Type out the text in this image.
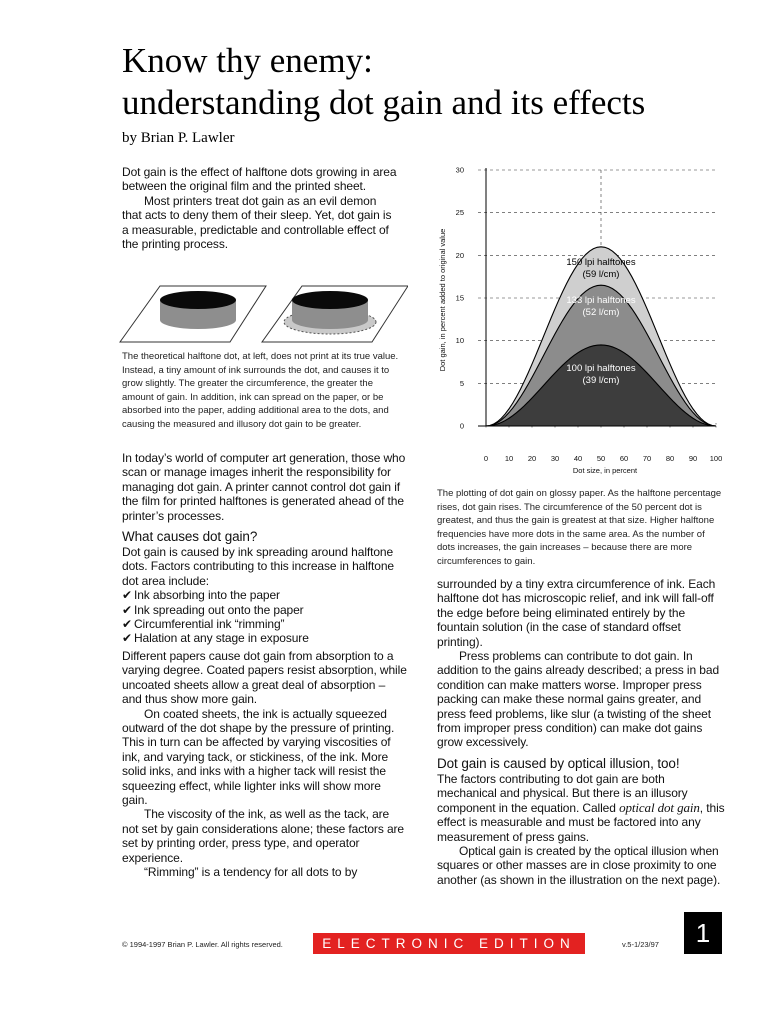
Know thy enemy:
understanding dot gain and its effects
by Brian P. Lawler

Dot gain is the effect of halftone dots growing in area between the original film and the printed sheet.

Most printers treat dot gain as an evil demon that acts to deny them of their sleep. Yet, dot gain is a measurable, predictable and controllable effect of the printing process.

The theoretical halftone dot, at left, does not print at its true value. Instead, a tiny amount of ink surrounds the dot, and causes it to grow slightly. The greater the circumference, the greater the amount of gain. In addition, ink can spread on the paper, or be absorbed into the paper, adding additional area to the dots, and causing the measured and illusory dot gain to be greater.

In today’s world of computer art generation, those who scan or manage images inherit the responsibility for managing dot gain. A printer cannot control dot gain if the film for printed halftones is generated ahead of the printer’s processes.

What causes dot gain?

Dot gain is caused by ink spreading around halftone dots. Factors contributing to this increase in halftone dot area include:

✔ Ink absorbing into the paper
✔ Ink spreading out onto the paper
✔ Circumferential ink “rimming”
✔ Halation at any stage in exposure

Different papers cause dot gain from absorption to a varying degree. Coated papers resist absorption, while uncoated sheets allow a great deal of absorption – and thus show more gain.

On coated sheets, the ink is actually squeezed outward of the dot shape by the pressure of printing. This in turn can be affected by varying viscosities of ink, and varying tack, or stickiness, of the ink. More solid inks, and inks with a higher tack will resist the squeezing effect, while lighter inks will show more gain.

The viscosity of the ink, as well as the tack, are not set by gain considerations alone; these factors are set by printing order, press type, and operator experience.

“Rimming” is a tendency for all dots to by

0
5
10
15
20
25
30
0 10 20 30 40 50 60 70 80 90 100
150 lpi halftones
(59 l/cm)
133 lpi halftones
(52 l/cm)
100 lpi halftones
(39 l/cm)
Dot size, in percent
Dot gain, in percent added to original value
The plotting of dot gain on glossy paper. As the halftone percentage rises, dot gain rises. The circumference of the 50 percent dot is greatest, and thus the gain is greatest at that size. Higher halftone frequencies have more dots in the same area. As the number of dots increases, the gain increases – because there are more circumferences to gain.

surrounded by a tiny extra circumference of ink. Each halftone dot has microscopic relief, and ink will fall-off the edge before being eliminated entirely by the fountain solution (in the case of standard offset printing).

Press problems can contribute to dot gain. In addition to the gains already described; a press in bad condition can make matters worse. Improper press packing can make these normal gains greater, and press feed problems, like slur (a twisting of the sheet from improper press condition) can make dot gains grow excessively.

Dot gain is caused by optical illusion, too!

The factors contributing to dot gain are both mechanical and physical. But there is an illusory component in the equation. Called optical dot gain, this effect is measurable and must be factored into any measurement of press gains.

Optical gain is created by the optical illusion when squares or other masses are in close proximity to one another (as shown in the illustration on the next page).

© 1994-1997 Brian P. Lawler. All rights reserved.	ELECTRONIC EDITION	v.5-1/23/97	1
